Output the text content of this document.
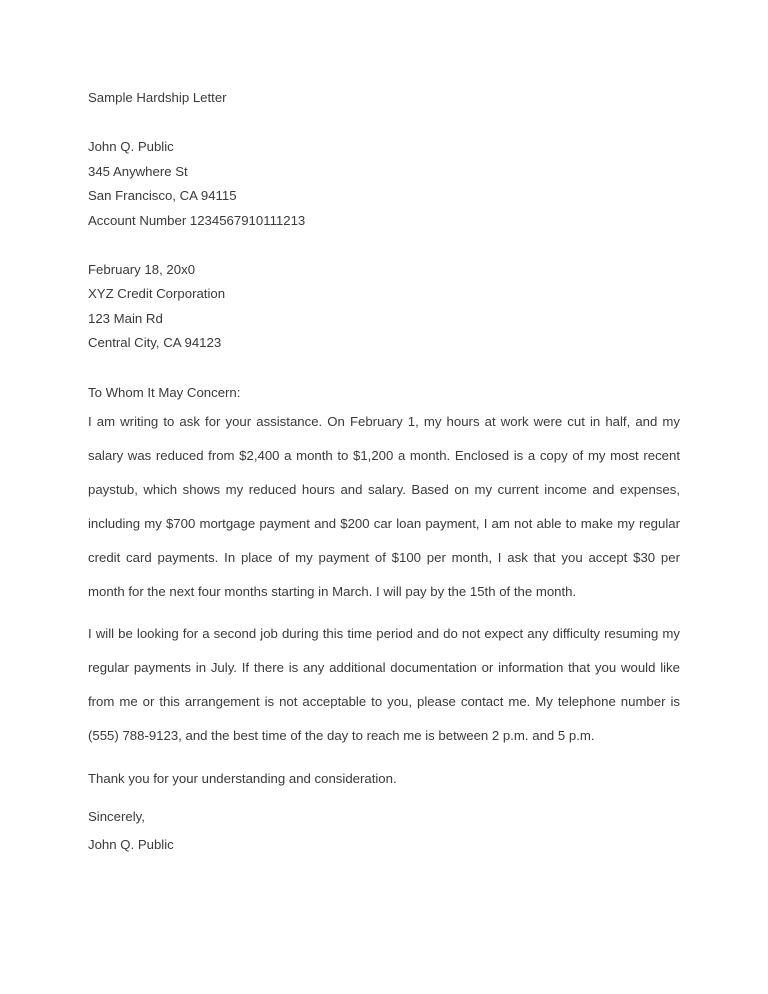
Sample Hardship Letter
John Q. Public
345 Anywhere St
San Francisco, CA 94115
Account Number 1234567910111213
February 18, 20x0
XYZ Credit Corporation
123 Main Rd
Central City, CA 94123
To Whom It May Concern:

I am writing to ask for your assistance. On February 1, my hours at work were cut in half, and my salary was reduced from $2,400 a month to $1,200 a month. Enclosed is a copy of my most recent paystub, which shows my reduced hours and salary. Based on my current income and expenses, including my $700 mortgage payment and $200 car loan payment, I am not able to make my regular credit card payments. In place of my payment of $100 per month, I ask that you accept $30 per month for the next four months starting in March. I will pay by the 15th of the month.

I will be looking for a second job during this time period and do not expect any difficulty resuming my regular payments in July. If there is any additional documentation or information that you would like from me or this arrangement is not acceptable to you, please contact me. My telephone number is (555) 788-9123, and the best time of the day to reach me is between 2 p.m. and 5 p.m.

Thank you for your understanding and consideration.
Sincerely,
John Q. Public
